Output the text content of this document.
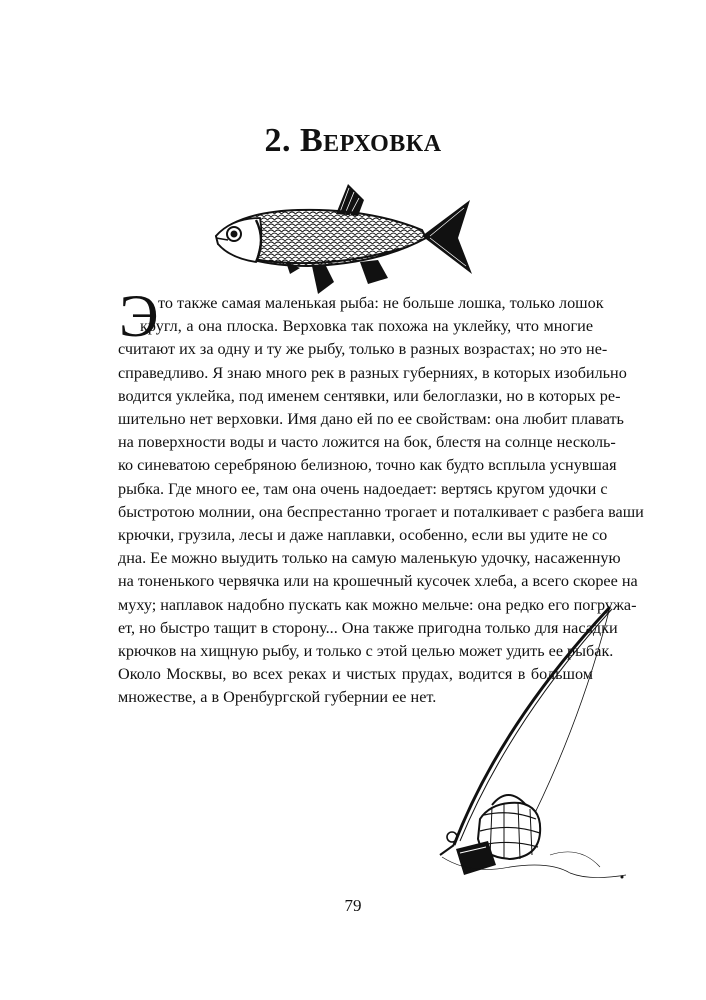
2. Верховка
Э то также самая маленькая рыба: не больше лошка, только лошок
кругл, а она плоска. Верховка так похожа на уклейку, что многие
считают их за одну и ту же рыбу, только в разных возрастах; но это не-
справедливо. Я знаю много рек в разных губерниях, в которых изобильно
водится уклейка, под именем сентявки, или белоглазки, но в которых ре-
шительно нет верховки. Имя дано ей по ее свойствам: она любит плавать
на поверхности воды и часто ложится на бок, блестя на солнце несколь-
ко синеватою серебряною белизною, точно как будто всплыла уснувшая
рыбка. Где много ее, там она очень надоедает: вертясь кругом удочки с
быстротою молнии, она беспрестанно трогает и поталкивает с разбега ваши
крючки, грузила, лесы и даже наплавки, особенно, если вы удите не со
дна. Ее можно выудить только на самую маленькую удочку, насаженную
на тоненького червячка или на крошечный кусочек хлеба, а всего скорее на
муху; наплавок надобно пускать как можно мельче: она редко его погружа-
ет, но быстро тащит в сторону... Она также пригодна только для насадки
крючков на хищную рыбу, и только с этой целью может удить ее рыбак.
Около Москвы, во всех реках и чистых прудах, водится в большом
множестве, а в Оренбургской губернии ее нет.
79
